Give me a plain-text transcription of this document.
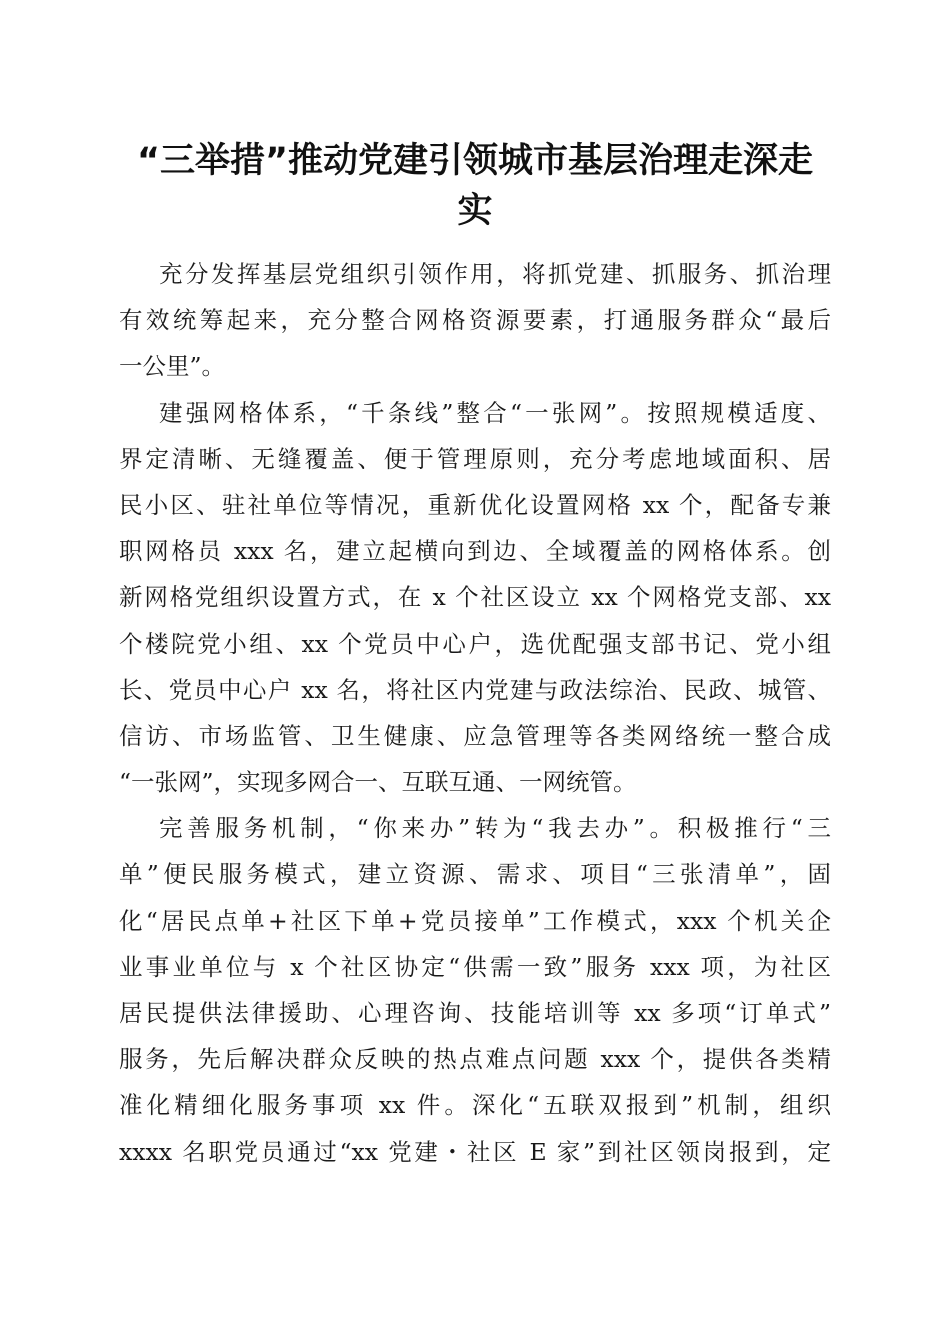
“三举措”推动党建引领城市基层治理走深走
实
充分发挥基层党组织引领作用，将抓党建、抓服务、抓治理
有效统筹起来，充分整合网格资源要素，打通服务群众“最后
一公里”。
建强网格体系，“千条线”整合“一张网”。按照规模适度、
界定清晰、无缝覆盖、便于管理原则，充分考虑地域面积、居
民小区、驻社单位等情况，重新优化设置网格 xx 个，配备专兼
职网格员 xxx 名，建立起横向到边、全域覆盖的网格体系。创
新网格党组织设置方式，在 x 个社区设立 xx 个网格党支部、xx
个楼院党小组、xx 个党员中心户，选优配强支部书记、党小组
长、党员中心户 xx 名，将社区内党建与政法综治、民政、城管、
信访、市场监管、卫生健康、应急管理等各类网络统一整合成
“一张网”，实现多网合一、互联互通、一网统管。
完善服务机制，“你来办”转为“我去办”。积极推行“三
单”便民服务模式，建立资源、需求、项目“三张清单”，固
化“居民点单+社区下单+党员接单”工作模式，xxx 个机关企
业事业单位与 x 个社区协定“供需一致”服务 xxx 项，为社区
居民提供法律援助、心理咨询、技能培训等 xx 多项“订单式”
服务，先后解决群众反映的热点难点问题 xxx 个，提供各类精
准化精细化服务事项 xx 件。深化“五联双报到”机制，组织
xxxx 名职党员通过“xx 党建・社区 E 家”到社区领岗报到，定
